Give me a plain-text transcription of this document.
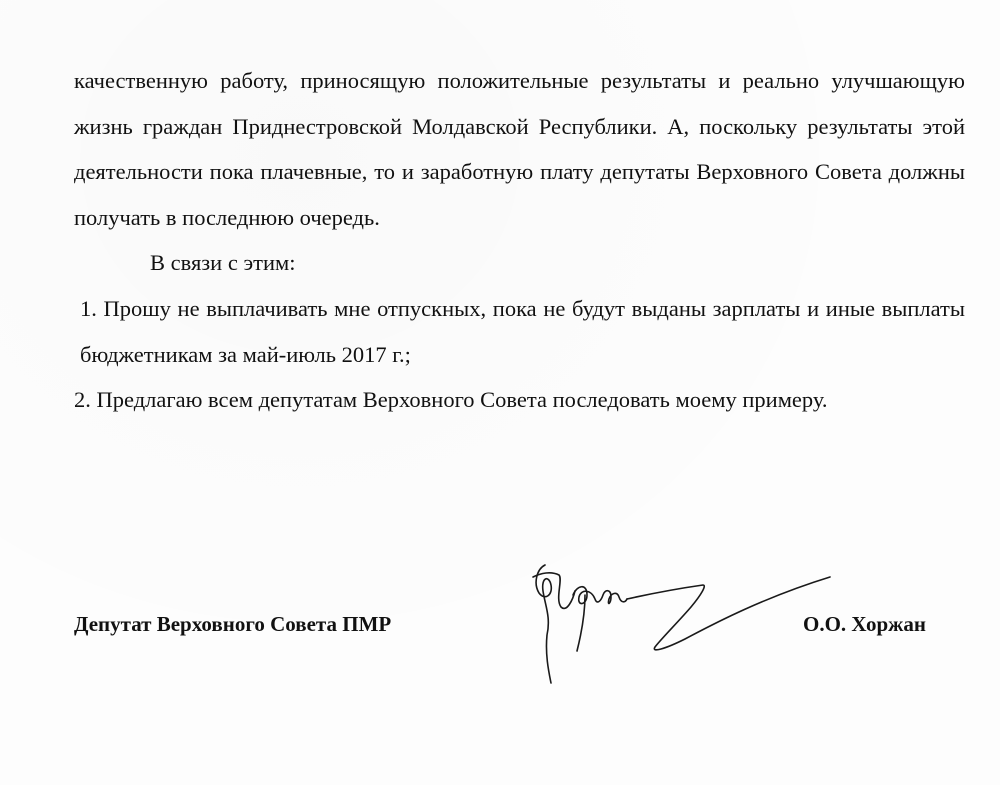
качественную работу, приносящую положительные результаты и реально улучшающую жизнь граждан Приднестровской Молдавской Республики. А, поскольку результаты этой деятельности пока плачевные, то и заработную плату депутаты Верховного Совета должны получать в последнюю очередь.

В связи с этим:

1. Прошу не выплачивать мне отпускных, пока не будут выданы зарплаты и иные выплаты бюджетникам за май-июль 2017 г.;

2. Предлагаю всем депутатам Верховного Совета последовать моему примеру.

Депутат Верховного Совета ПМР	О.О. Хоржан
